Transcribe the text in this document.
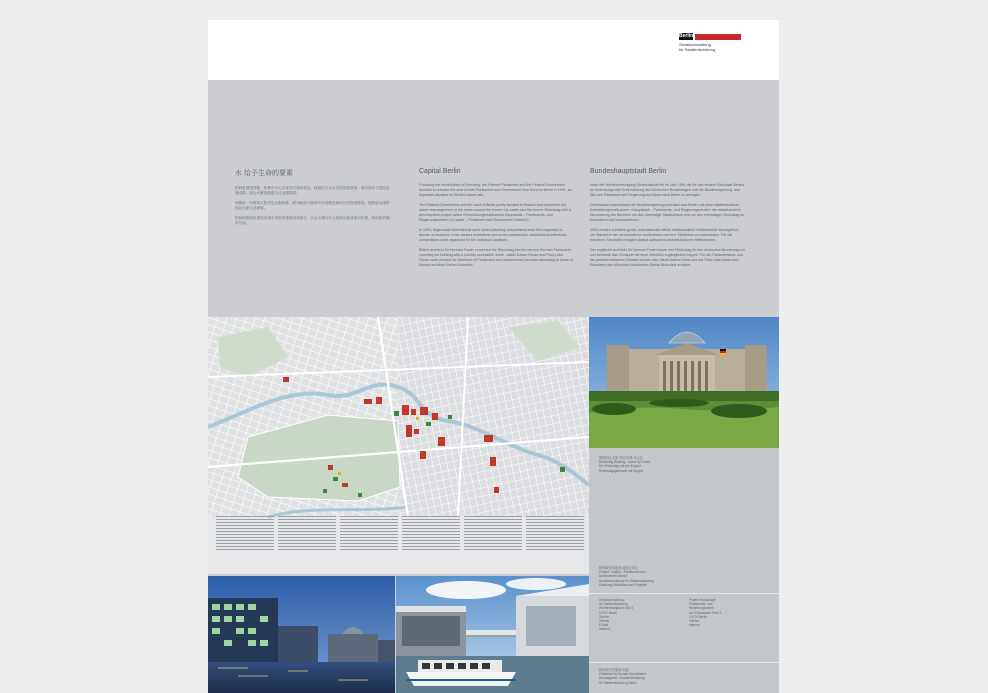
Berlin
Senatsverwaltung
für Stadtentwicklung
水 给予生命的要素

柏林是德国首都，柏林市中心区规划与建设项目，政府区与议会区的发展规划，城市设计与国际竞赛成果，国会大厦的改建与议会建筑群。

两德统一后联邦议院决定迁都柏林，联邦政府与柏林市共同推进政府区的规划建设，施普雷河湾的国会大厦与总理府。

柏林的政府区建设是城市发展的重要组成部分，议会大楼与办公建筑沿施普雷河布置，形成新的城市空间。

Capital Berlin

Following the reunification of Germany, the Federal Parliament and the Federal Government decided to relocate the seat of both Parliament and Government from Bonn to Berlin in 1991, an important decision for Berlin's future fate.

The Federal Government and the Land of Berlin jointly decided to finance and implement the urban rearrangement of the areas around the former city castle and the former Reichstag with a development project called »Entwicklungsmaßnahme Hauptstadt – Parlaments- und Regierungsviertel« (»Capital – Parliament and Government District«).

In 1993, large-scale international open urban-planning competitions were first organised to decide on locations of the various institutions and urban construction. Additional architectonic competitions were organised for the individual locations.

British architect Sir Norman Foster converted the Reichstag into the current German Parliament crowning the building with a publicly accessible dome. Jakob-Kaiser-House and Paul-Löbe-House were erected for Members of Parliament and parliamentary services according to plans of Munich architect Stefan Braunfels.

Bundeshauptstadt Berlin

Nach der Wiedervereinigung Deutschlands fiel im Jahr 1991 die für das weitere Schicksal Berlins so bedeutungsvolle Entscheidung des Deutschen Bundestages und der Bundesregierung, den Sitz von Parlament und Regierung von Bonn nach Berlin zu verlegen.

Gemeinsam beschlossen die Bundesregierung und das Land Berlin, mit einer städtebaulichen Entwicklungsmaßnahme »Hauptstadt – Parlaments- und Regierungsviertel« die städtebauliche Neuordnung der Bereiche um das ehemalige Stadtschloss und um den ehemaligen Reichstag zu finanzieren und durchzuführen.

1993 wurden zunächst große, internationale offene städtebauliche Wettbewerbe durchgeführt, um Standorte der verschiedenen Institutionen und ihre Städtebau zu entscheiden. Für die einzelnen Standorte erfolgten darauf aufbauend architektonische Wettbewerbe.

Der englische Architekt Sir Norman Foster baute den Reichstag für den deutschen Bundestag um und bekrönte das Gebäude mit einer öffentlich zugänglichen Kuppel. Für die Parlamentarier und die parlamentarischen Dienste wurden das Jakob-Kaiser-Haus und das Paul-Löbe-Haus nach Entwürfen des Münchner Architekten Stefan Braunfels errichtet.

德国国会大厦 穹顶 柏林 议会区
Reichstag Building · dome by Foster
Der Reichstag mit der Kuppel
Reichstagsgebäude mit Kuppel
柏林城市发展部 政府区项目
Project: Capital – Parliament and
Government District
Senatsverwaltung für Stadtentwicklung
Abteilung Städtebau und Projekte
Senatsverwaltung
für Stadtentwicklung
Württembergische Str. 6
10707 Berlin
Telefon
Telefax
E-Mail
Internet
Projekt Hauptstadt
Parlaments- und
Regierungsviertel
Am Köllnischen Park 3
10179 Berlin
Telefon
Internet
柏林城市发展部 出版
Published by Senate Department
Herausgeber: Senatsverwaltung
für Stadtentwicklung Berlin
